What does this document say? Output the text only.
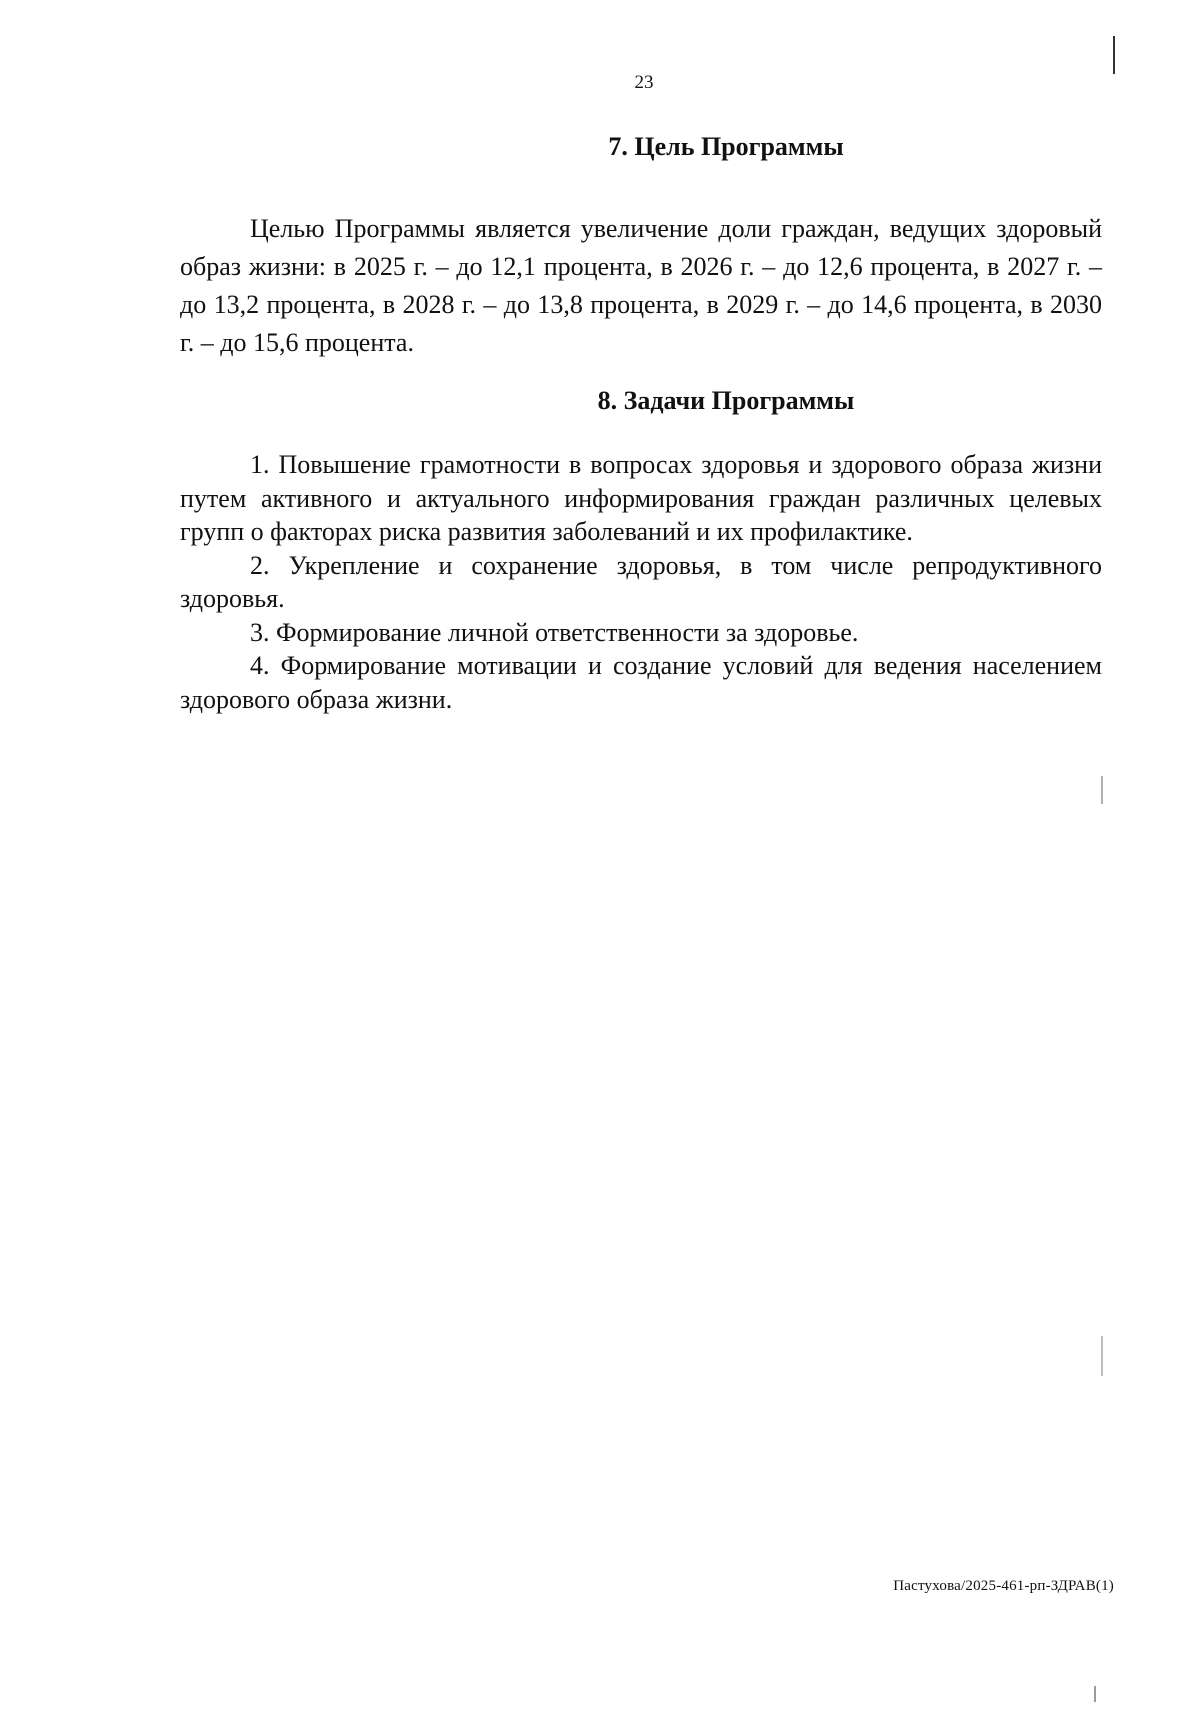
23
7. Цель Программы

Целью Программы является увеличение доли граждан, ведущих здоровый образ жизни: в 2025 г. – до 12,1 процента, в 2026 г. – до 12,6 процента, в 2027 г. – до 13,2 процента, в 2028 г. – до 13,8 процента, в 2029 г. – до 14,6 процента, в 2030 г. – до 15,6 процента.

8. Задачи Программы

1. Повышение грамотности в вопросах здоровья и здорового образа жизни путем активного и актуального информирования граждан различных целевых групп о факторах риска развития заболеваний и их профилактике.

2. Укрепление и сохранение здоровья, в том числе репродуктивного здоровья.

3. Формирование личной ответственности за здоровье.

4. Формирование мотивации и создание условий для ведения населением здорового образа жизни.

Пастухова/2025-461-рп-ЗДРАВ(1)
